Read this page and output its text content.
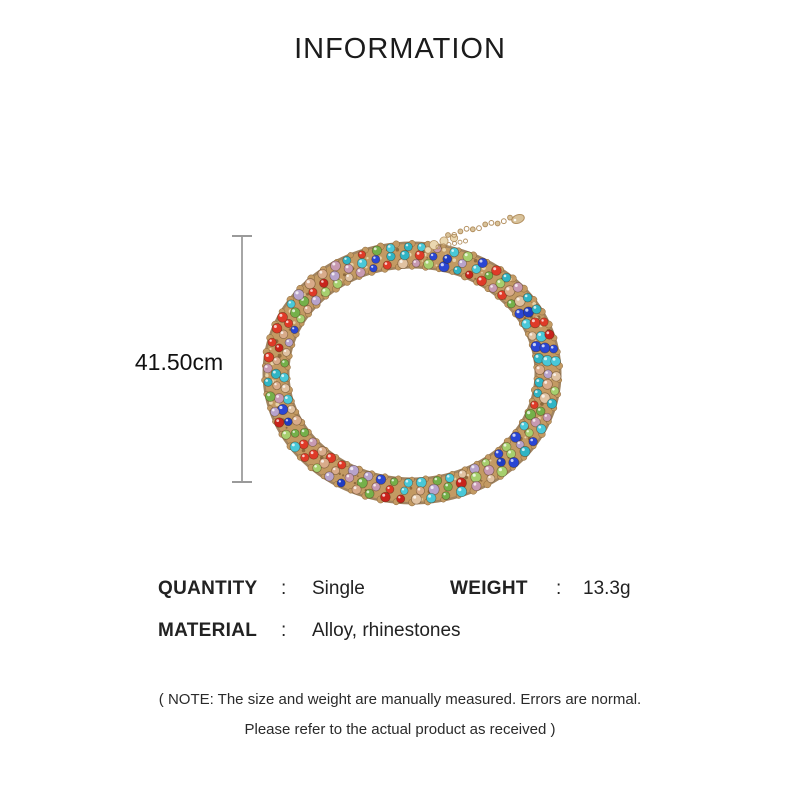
INFORMATION
41.50cm
QUANTITY : Single	WEIGHT : 13.3g
MATERIAL : Alloy, rhinestones
( NOTE: The size and weight are manually measured. Errors are normal.
Please refer to the actual product as received )
